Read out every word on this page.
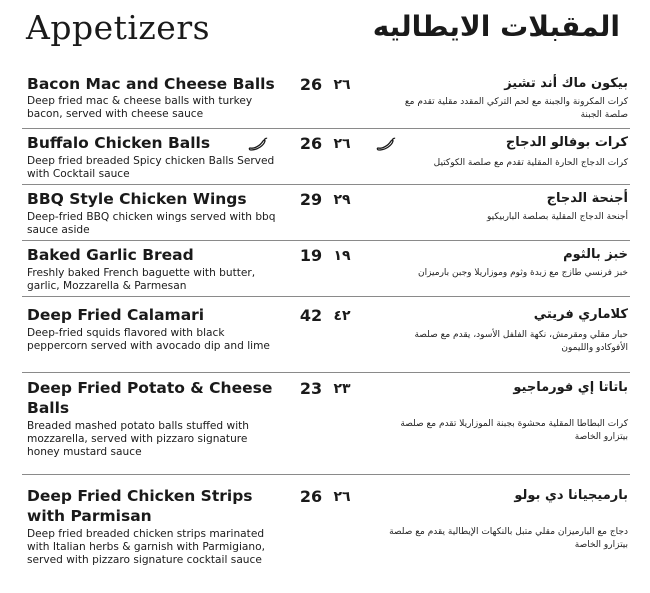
Appetizers	المقبلات الايطاليه
Bacon Mac and Cheese Balls
Deep fried mac & cheese balls with turkey bacon, served with cheese sauce
26 ٢٦	بيكون ماك أند تشيز
كرات المكرونة والجبنة مع لحم التركي المقدد مقلية تقدم مع صلصة الجبنة
Buffalo Chicken Balls
Deep fried breaded Spicy chicken Balls Served with Cocktail sauce
26 ٢٦	كرات بوفالو الدجاج
كرات الدجاج الحارة المقلية تقدم مع صلصة الكوكتيل
BBQ Style Chicken Wings
Deep-fried BBQ chicken wings served with bbq sauce aside
29 ٢٩	أجنحة الدجاج
أجنحة الدجاج المقلية بصلصة الباربيكيو
Baked Garlic Bread
Freshly baked French baguette with butter, garlic, Mozzarella & Parmesan
19 ١٩	خبز بالثوم
خبز فرنسي طازج مع زبدة وثوم وموزاريلا وجبن بارميزان
Deep Fried Calamari
Deep-fried squids flavored with black peppercorn served with avocado dip and lime
42 ٤٢	كلاماري فريتي
حبار مقلي ومقرمش، نكهة الفلفل الأسود، يقدم مع صلصة الأفوكادو والليمون
Deep Fried Potato & Cheese Balls
Breaded mashed potato balls stuffed with mozzarella, served with pizzaro signature honey mustard sauce
23 ٢٣	باتاتا إي فورماجيو
كرات البطاطا المقلية محشوة بجبنة الموزاريلا تقدم مع صلصة بيتزارو الخاصة
Deep Fried Chicken Strips with Parmisan
Deep fried breaded chicken strips marinated with Italian herbs & garnish with Parmigiano, served with pizzaro signature cocktail sauce
26 ٢٦	بارميجيانا دي بولو
دجاج مع البارميزان مقلي متبل بالنكهات الإيطالية يقدم مع صلصة بيتزارو الخاصة
